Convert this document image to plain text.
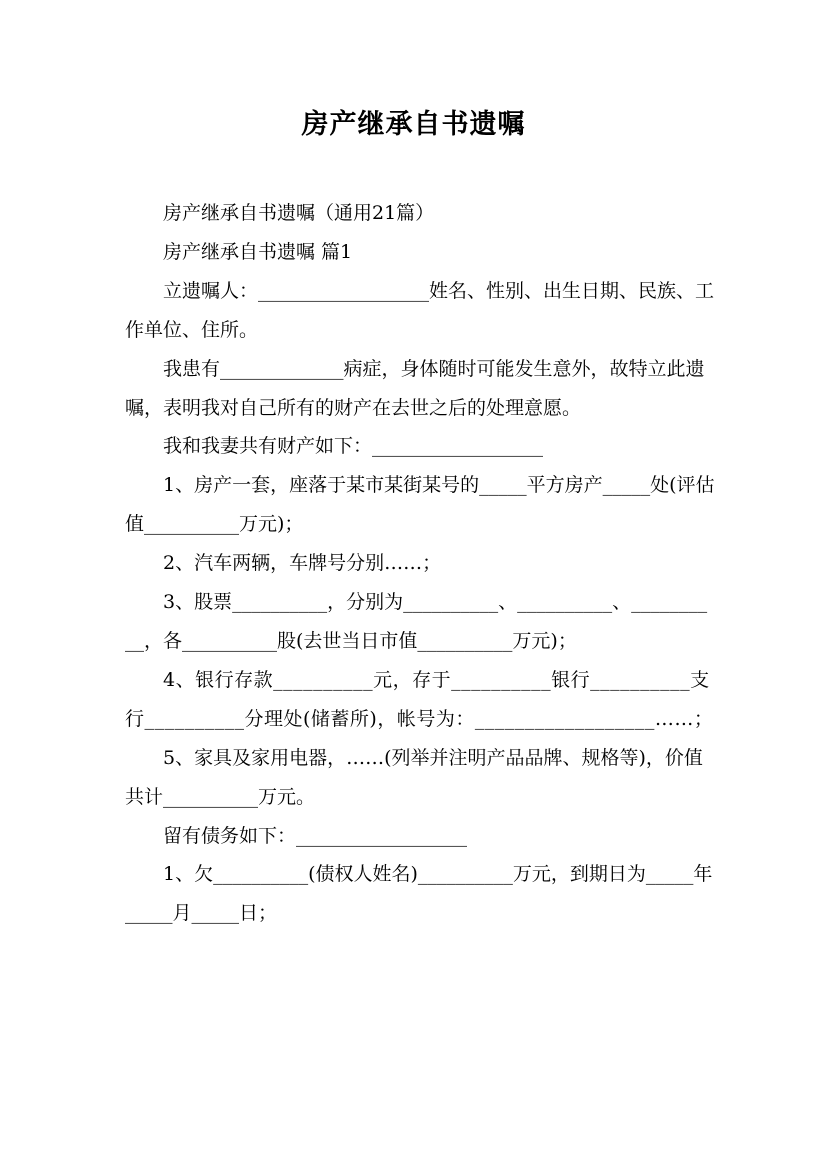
房产继承自书遗嘱

房产继承自书遗嘱（通用21篇）

房产继承自书遗嘱 篇1

立遗嘱人：__________________姓名、性别、出生日期、民族、工作单位、住所。

我患有_____________病症，身体随时可能发生意外，故特立此遗嘱，表明我对自己所有的财产在去世之后的处理意愿。

我和我妻共有财产如下：__________________

1、房产一套，座落于某市某街某号的_____平方房产_____处(评估值__________万元)；

2、汽车两辆，车牌号分别……；

3、股票__________，分别为__________、__________、__________，各__________股(去世当日市值__________万元)；

4、银行存款__________元，存于__________银行__________支行__________分理处(储蓄所)，帐号为：__________________……；

5、家具及家用电器，……(列举并注明产品品牌、规格等)，价值共计__________万元。

留有债务如下：__________________

1、欠__________(债权人姓名)__________万元，到期日为_____年_____月_____日；
